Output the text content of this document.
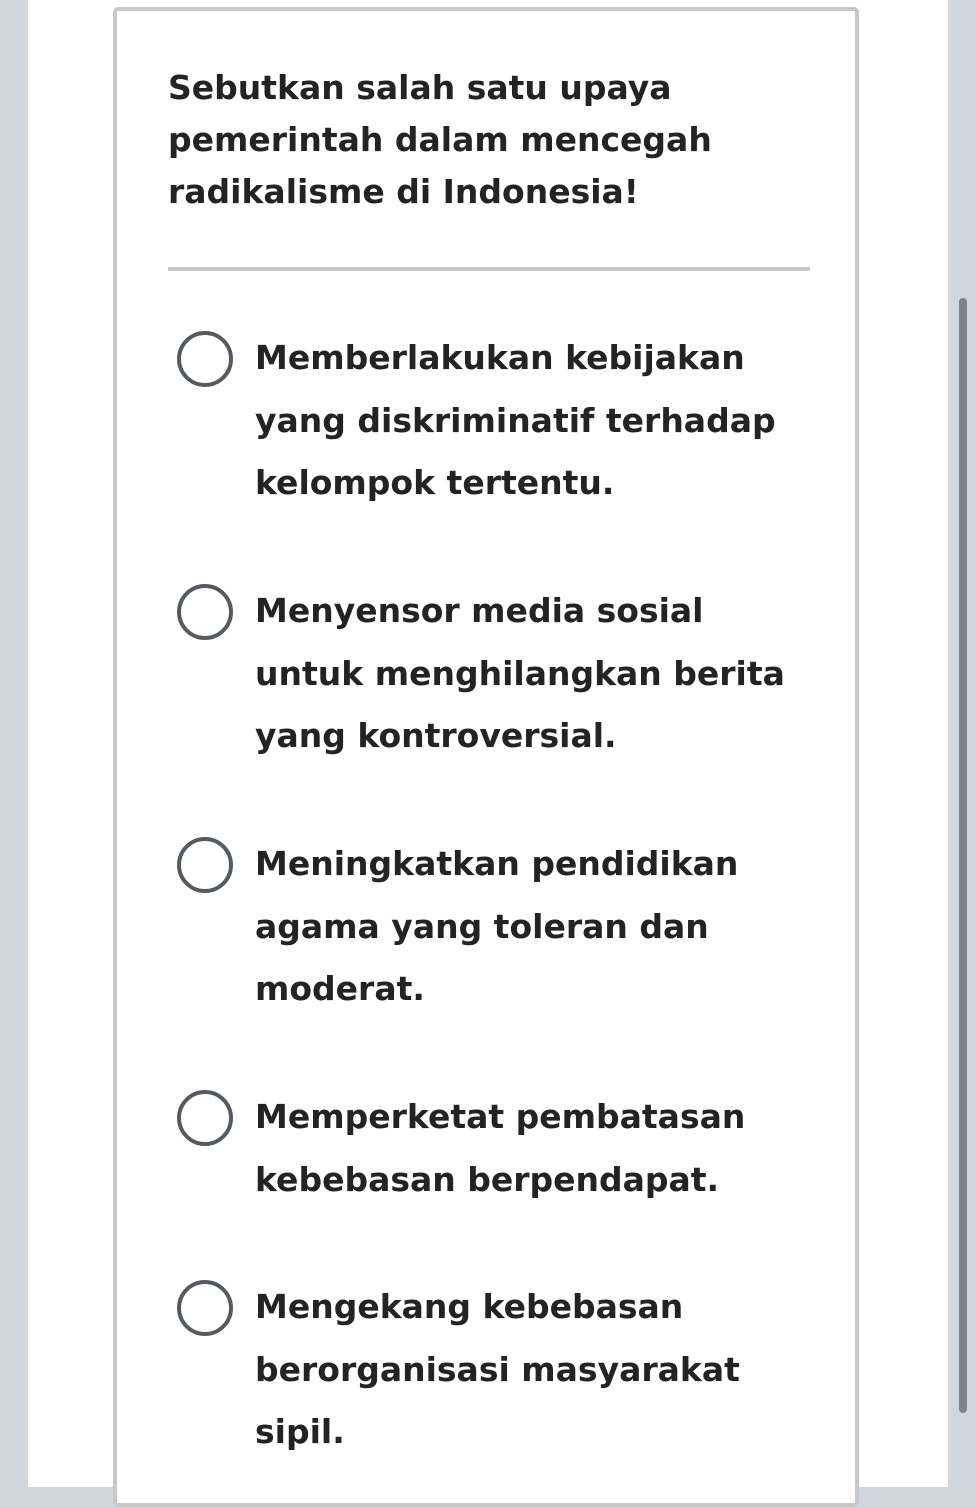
Sebutkan salah satu upaya pemerintah dalam mencegah radikalisme di Indonesia!

Memberlakukan kebijakan yang diskriminatif terhadap kelompok tertentu.

Menyensor media sosial untuk menghilangkan berita yang kontroversial.

Meningkatkan pendidikan agama yang toleran dan moderat.

Memperketat pembatasan kebebasan berpendapat.

Mengekang kebebasan berorganisasi masyarakat sipil.
